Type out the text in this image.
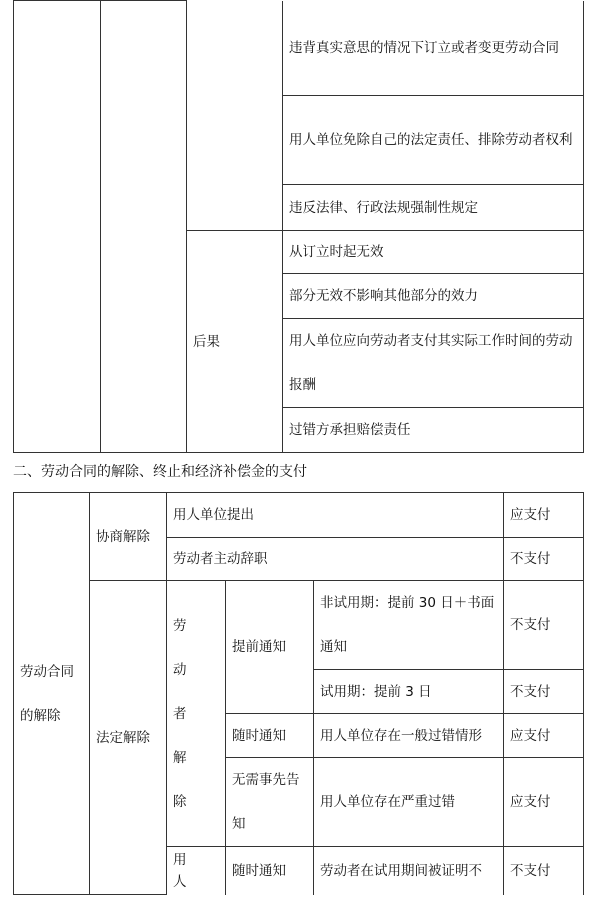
			违背真实意思的情况下订立或者变更劳动合同
			用人单位免除自己的法定责任、排除劳动者权利
			违反法律、行政法规强制性规定
		后果	从订立时起无效
			部分无效不影响其他部分的效力
			用人单位应向劳动者支付其实际工作时间的劳动报酬
			过错方承担赔偿责任
二、劳动合同的解除、终止和经济补偿金的支付
劳动合同的解除	协商解除	用人单位提出			应支付
		劳动者主动辞职			不支付
	法定解除	劳动者解除	提前通知	非试用期：提前 30 日＋书面通知	不支付
				试用期：提前 3 日	不支付
			随时通知	用人单位存在一般过错情形	应支付
			无需事先告知	用人单位存在严重过错	应支付
		用人	随时通知	劳动者在试用期间被证明不	不支付
